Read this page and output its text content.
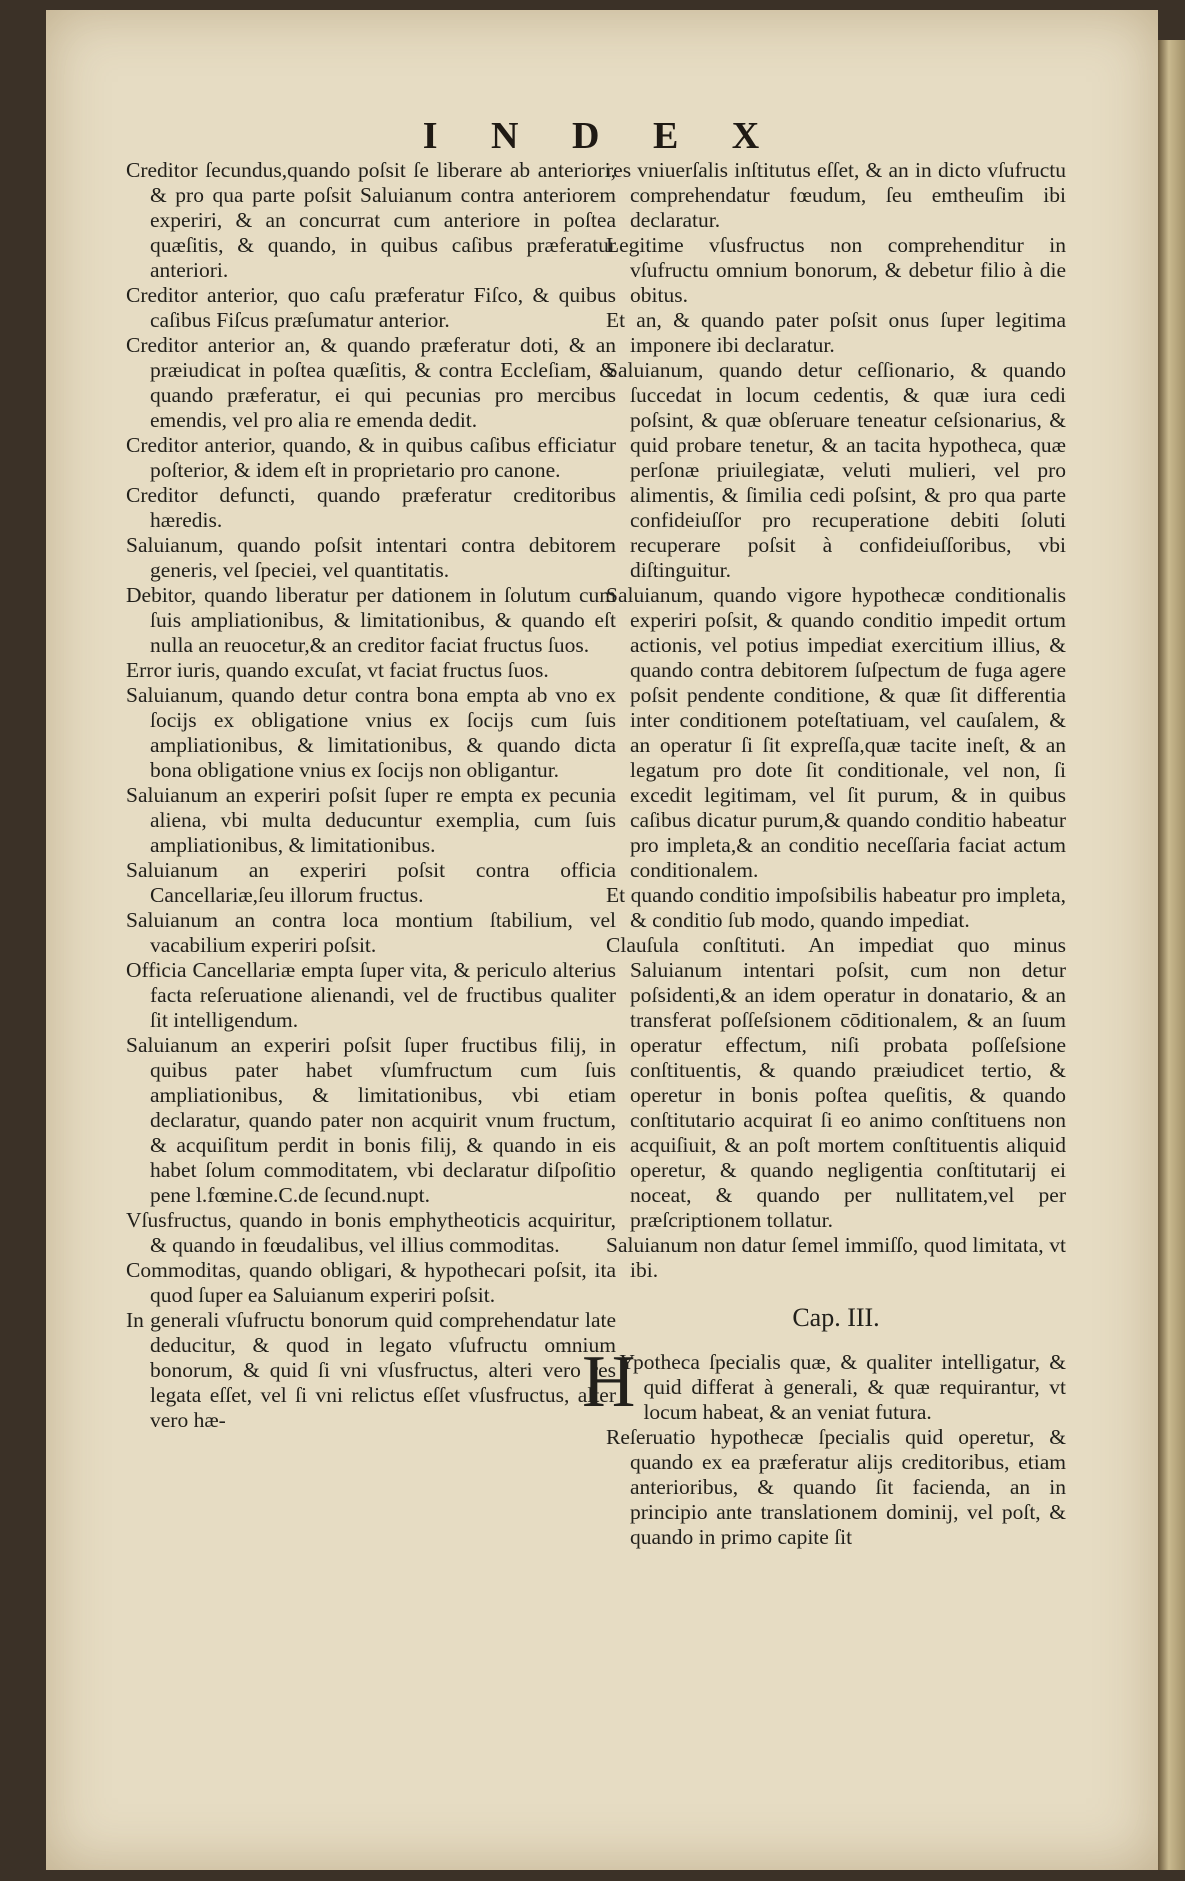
I N D E X

Creditor ſecundus,quando poſsit ſe liberare ab anteriori, & pro qua parte poſsit Saluianum contra anteriorem experiri, & an concurrat cum anteriore in poſtea quæſitis, & quando, in quibus caſibus præferatur anteriori.

Creditor anterior, quo caſu præferatur Fiſco, & quibus caſibus Fiſcus præſumatur anterior.

Creditor anterior an, & quando præferatur doti, & an præiudicat in poſtea quæſitis, & contra Eccleſiam, & quando præferatur, ei qui pecunias pro mercibus emendis, vel pro alia re emenda dedit.

Creditor anterior, quando, & in quibus caſibus efficiatur poſterior, & idem eſt in proprietario pro canone.

Creditor defuncti, quando præferatur creditoribus hæredis.

Saluianum, quando poſsit intentari contra debitorem generis, vel ſpeciei, vel quantitatis.

Debitor, quando liberatur per dationem in ſolutum cum ſuis ampliationibus, & limitationibus, & quando eſt nulla an reuocetur,& an creditor faciat fructus ſuos.

Error iuris, quando excuſat, vt faciat fructus ſuos.

Saluianum, quando detur contra bona empta ab vno ex ſocijs ex obligatione vnius ex ſocijs cum ſuis ampliationibus, & limitationibus, & quando dicta bona obligatione vnius ex ſocijs non obligantur.

Saluianum an experiri poſsit ſuper re empta ex pecunia aliena, vbi multa deducuntur exemplia, cum ſuis ampliationibus, & limitationibus.

Saluianum an experiri poſsit contra officia Cancellariæ,ſeu illorum fructus.

Saluianum an contra loca montium ſtabilium, vel vacabilium experiri poſsit.

Officia Cancellariæ empta ſuper vita, & periculo alterius facta reſeruatione alienandi, vel de fructibus qualiter ſit intelligendum.

Saluianum an experiri poſsit ſuper fructibus filij, in quibus pater habet vſumfructum cum ſuis ampliationibus, & limitationibus, vbi etiam declaratur, quando pater non acquirit vnum fructum, & acquiſitum perdit in bonis filij, & quando in eis habet ſolum commoditatem, vbi declaratur diſpoſitio pene l.fœmine.C.de ſecund.nupt.

Vſusfructus, quando in bonis emphytheoticis acquiritur, & quando in fœudalibus, vel illius commoditas.

Commoditas, quando obligari, & hypothecari poſsit, ita quod ſuper ea Saluianum experiri poſsit.

In generali vſufructu bonorum quid comprehendatur late deducitur, & quod in legato vſufructu omnium bonorum, & quid ſi vni vſusfructus, alteri vero res legata eſſet, vel ſi vni relictus eſſet vſusfructus, alter vero hæ-

res vniuerſalis inſtitutus eſſet, & an in dicto vſufructu comprehendatur fœudum, ſeu emtheuſim ibi declaratur.

Legitime vſusfructus non comprehenditur in vſufructu omnium bonorum, & debetur filio à die obitus.

Et an, & quando pater poſsit onus ſuper legitima imponere ibi declaratur.

Saluianum, quando detur ceſſionario, & quando ſuccedat in locum cedentis, & quæ iura cedi poſsint, & quæ obſeruare teneatur ceſsionarius, & quid probare tenetur, & an tacita hypotheca, quæ perſonæ priuilegiatæ, veluti mulieri, vel pro alimentis, & ſimilia cedi poſsint, & pro qua parte confideiuſſor pro recuperatione debiti ſoluti recuperare poſsit à confideiuſſoribus, vbi diſtinguitur.

Saluianum, quando vigore hypothecæ conditionalis experiri poſsit, & quando conditio impedit ortum actionis, vel potius impediat exercitium illius, & quando contra debitorem ſuſpectum de fuga agere poſsit pendente conditione, & quæ ſit differentia inter conditionem poteſtatiuam, vel cauſalem, & an operatur ſi ſit expreſſa,quæ tacite ineſt, & an legatum pro dote ſit conditionale, vel non, ſi excedit legitimam, vel ſit purum, & in quibus caſibus dicatur purum,& quando conditio habeatur pro impleta,& an conditio neceſſaria faciat actum conditionalem.

Et quando conditio impoſsibilis habeatur pro impleta, & conditio ſub modo, quando impediat.

Clauſula conſtituti. An impediat quo minus Saluianum intentari poſsit, cum non detur poſsidenti,& an idem operatur in donatario, & an transferat poſſeſsionem cōditionalem, & an ſuum operatur effectum, niſi probata poſſeſsione conſtituentis, & quando præiudicet tertio, & operetur in bonis poſtea queſitis, & quando conſtitutario acquirat ſi eo animo conſtituens non acquiſiuit, & an poſt mortem conſtituentis aliquid operetur, & quando negligentia conſtitutarij ei noceat, & quando per nullitatem,vel per præſcriptionem tollatur.

Saluianum non datur ſemel immiſſo, quod limitata, vt ibi.

Cap. III.

H
Ypotheca ſpecialis quæ, & qualiter intelligatur, & quid differat à generali, & quæ requirantur, vt locum habeat, & an veniat futura.

Reſeruatio hypothecæ ſpecialis quid operetur, & quando ex ea præferatur alijs creditoribus, etiam anterioribus, & quando ſit facienda, an in principio ante translationem dominij, vel poſt, & quando in primo capite ſit
